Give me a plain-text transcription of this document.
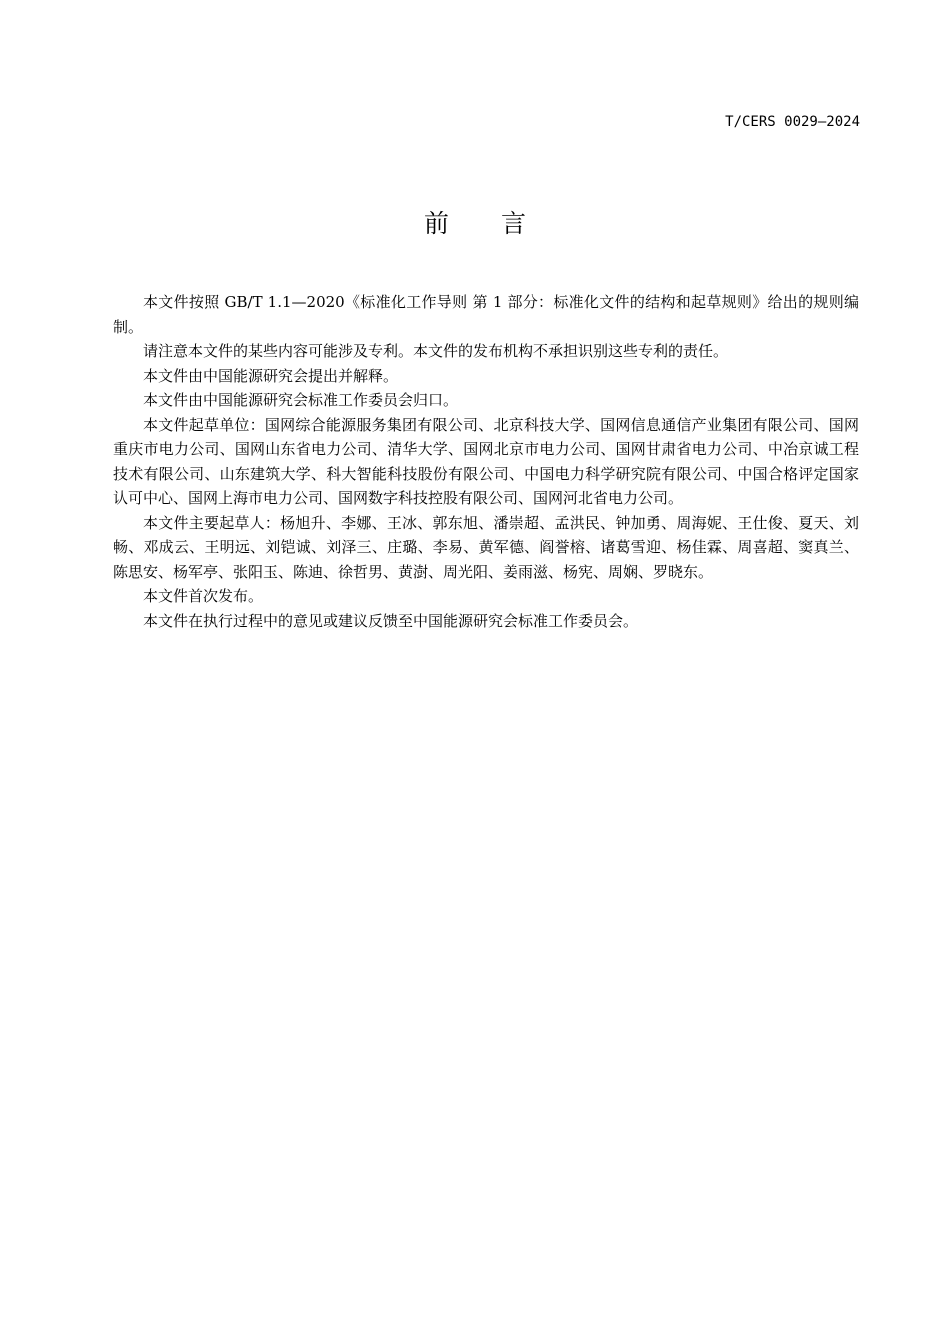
T/CERS 0029—2024
前言

本文件按照 GB/T 1.1—2020《标准化工作导则 第 1 部分：标准化文件的结构和起草规则》给出的规则编制。

请注意本文件的某些内容可能涉及专利。本文件的发布机构不承担识别这些专利的责任。

本文件由中国能源研究会提出并解释。

本文件由中国能源研究会标准工作委员会归口。

本文件起草单位：国网综合能源服务集团有限公司、北京科技大学、国网信息通信产业集团有限公司、国网重庆市电力公司、国网山东省电力公司、清华大学、国网北京市电力公司、国网甘肃省电力公司、中冶京诚工程技术有限公司、山东建筑大学、科大智能科技股份有限公司、中国电力科学研究院有限公司、中国合格评定国家认可中心、国网上海市电力公司、国网数字科技控股有限公司、国网河北省电力公司。

本文件主要起草人：杨旭升、李娜、王冰、郭东旭、潘崇超、孟洪民、钟加勇、周海妮、王仕俊、夏天、刘畅、邓成云、王明远、刘铠诚、刘泽三、庄璐、李易、黄军德、阎誉榕、诸葛雪迎、杨佳霖、周喜超、窦真兰、陈思安、杨军亭、张阳玉、陈迪、徐哲男、黄澍、周光阳、姜雨滋、杨宪、周娴、罗晓东。

本文件首次发布。

本文件在执行过程中的意见或建议反馈至中国能源研究会标准工作委员会。
